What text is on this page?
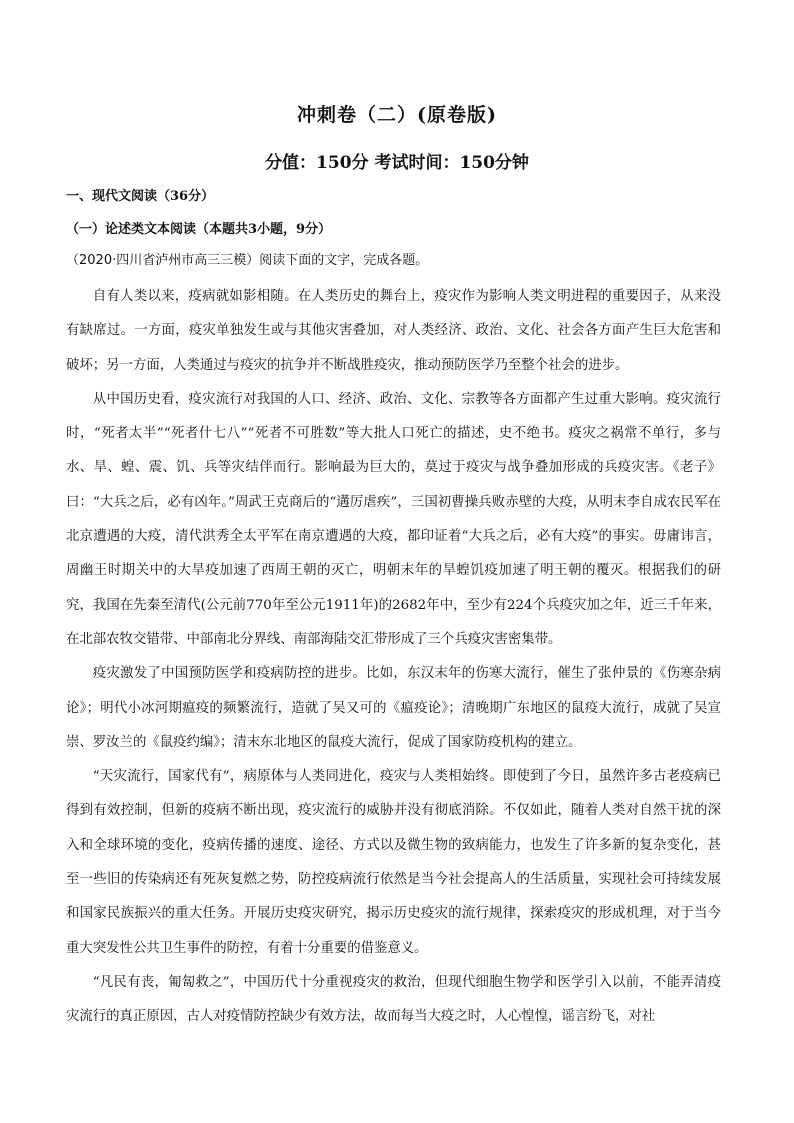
冲刺卷（二）(原卷版)
分值：150分 考试时间：150分钟
一、现代文阅读（36分）
（一）论述类文本阅读（本题共3小题，9分）
（2020·四川省泸州市高三三模）阅读下面的文字，完成各题。

自有人类以来，疫病就如影相随。在人类历史的舞台上，疫灾作为影响人类文明进程的重要因子，从来没有缺席过。一方面，疫灾单独发生或与其他灾害叠加，对人类经济、政治、文化、社会各方面产生巨大危害和破坏；另一方面，人类通过与疫灾的抗争并不断战胜疫灾，推动预防医学乃至整个社会的进步。

从中国历史看，疫灾流行对我国的人口、经济、政治、文化、宗教等各方面都产生过重大影响。疫灾流行时，“死者太半”“死者什七八”“死者不可胜数”等大批人口死亡的描述，史不绝书。疫灾之祸常不单行，多与水、旱、蝗、震、饥、兵等灾结伴而行。影响最为巨大的，莫过于疫灾与战争叠加形成的兵疫灾害。《老子》曰：“大兵之后，必有凶年。”周武王克商后的“遘厉虐疾”，三国初曹操兵败赤壁的大疫，从明末李自成农民军在北京遭遇的大疫，清代洪秀全太平军在南京遭遇的大疫，都印证着“大兵之后，必有大疫”的事实。毋庸讳言，周幽王时期关中的大旱疫加速了西周王朝的灭亡，明朝末年的旱蝗饥疫加速了明王朝的覆灭。根据我们的研究，我国在先秦至清代(公元前770年至公元1911年)的2682年中，至少有224个兵疫灾加之年，近三千年来，在北部农牧交错带、中部南北分界线、南部海陆交汇带形成了三个兵疫灾害密集带。

疫灾激发了中国预防医学和疫病防控的进步。比如，东汉末年的伤寒大流行，催生了张仲景的《伤寒杂病论》；明代小冰河期瘟疫的频繁流行，造就了吴又可的《瘟疫论》；清晚期广东地区的鼠疫大流行，成就了吴宣崇、罗汝兰的《鼠疫约编》；清末东北地区的鼠疫大流行，促成了国家防疫机构的建立。

“天灾流行，国家代有”，病原体与人类同进化，疫灾与人类相始终。即使到了今日，虽然许多古老疫病已得到有效控制，但新的疫病不断出现，疫灾流行的威胁并没有彻底消除。不仅如此，随着人类对自然干扰的深入和全球环境的变化，疫病传播的速度、途径、方式以及微生物的致病能力，也发生了许多新的复杂变化，甚至一些旧的传染病还有死灰复燃之势，防控疫病流行依然是当今社会提高人的生活质量，实现社会可持续发展和国家民族振兴的重大任务。开展历史疫灾研究，揭示历史疫灾的流行规律，探索疫灾的形成机理，对于当今重大突发性公共卫生事件的防控，有着十分重要的借鉴意义。

“凡民有丧，匍匐救之”，中国历代十分重视疫灾的救治，但现代细胞生物学和医学引入以前，不能弄清疫灾流行的真正原因，古人对疫情防控缺少有效方法，故而每当大疫之时，人心惶惶，谣言纷飞，对社
